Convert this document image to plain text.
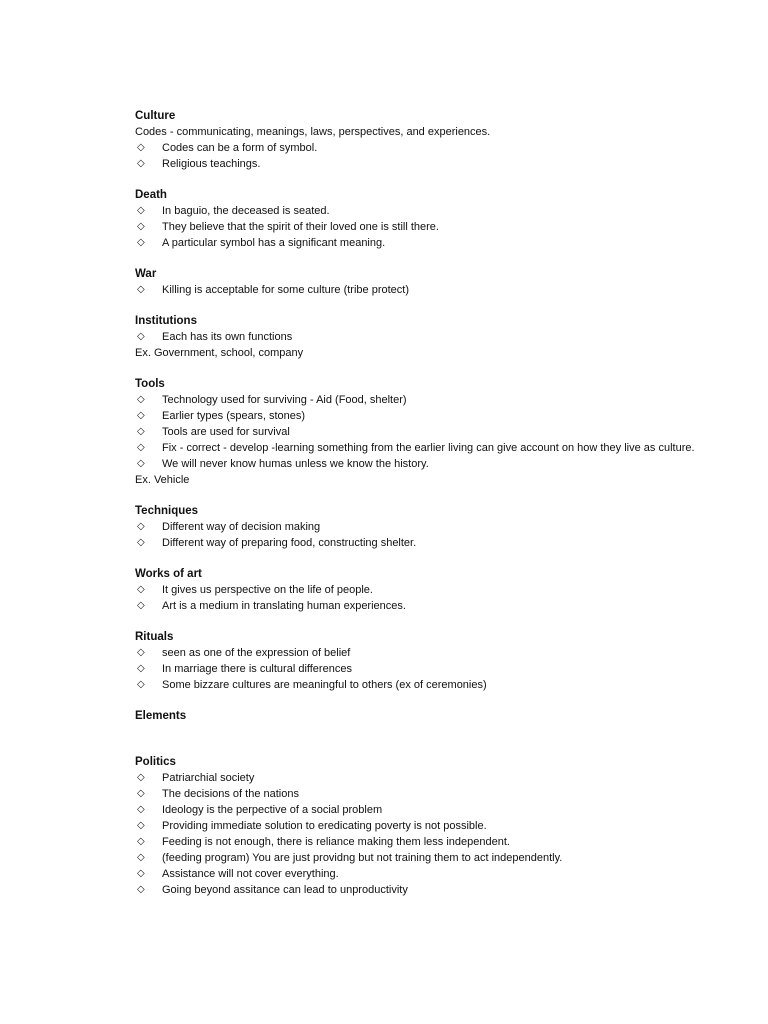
Culture
Codes - communicating, meanings, laws, perspectives, and experiences.
◇ Codes can be a form of symbol.
◇ Religious teachings.
Death
◇ In baguio, the deceased is seated.
◇ They believe that the spirit of their loved one is still there.
◇ A particular symbol has a significant meaning.
War
◇ Killing is acceptable for some culture (tribe protect)
Institutions
◇ Each has its own functions
Ex. Government, school, company
Tools
◇ Technology used for surviving - Aid (Food, shelter)
◇ Earlier types (spears, stones)
◇ Tools are used for survival
◇ Fix - correct - develop -learning something from the earlier living can give account on how they live as culture.
◇ We will never know humas unless we know the history.
Ex. Vehicle
Techniques
◇ Different way of decision making
◇ Different way of preparing food, constructing shelter.
Works of art
◇ It gives us perspective on the life of people.
◇ Art is a medium in translating human experiences.
Rituals
◇ seen as one of the expression of belief
◇ In marriage there is cultural differences
◇ Some bizzare cultures are meaningful to others (ex of ceremonies)
Elements
Politics
◇ Patriarchial society
◇ The decisions of the nations
◇ Ideology is the perpective of a social problem
◇ Providing immediate solution to eredicating poverty is not possible.
◇ Feeding is not enough, there is reliance making them less independent.
◇ (feeding program) You are just providng but not training them to act independently.
◇ Assistance will not cover everything.
◇ Going beyond assitance can lead to unproductivity
